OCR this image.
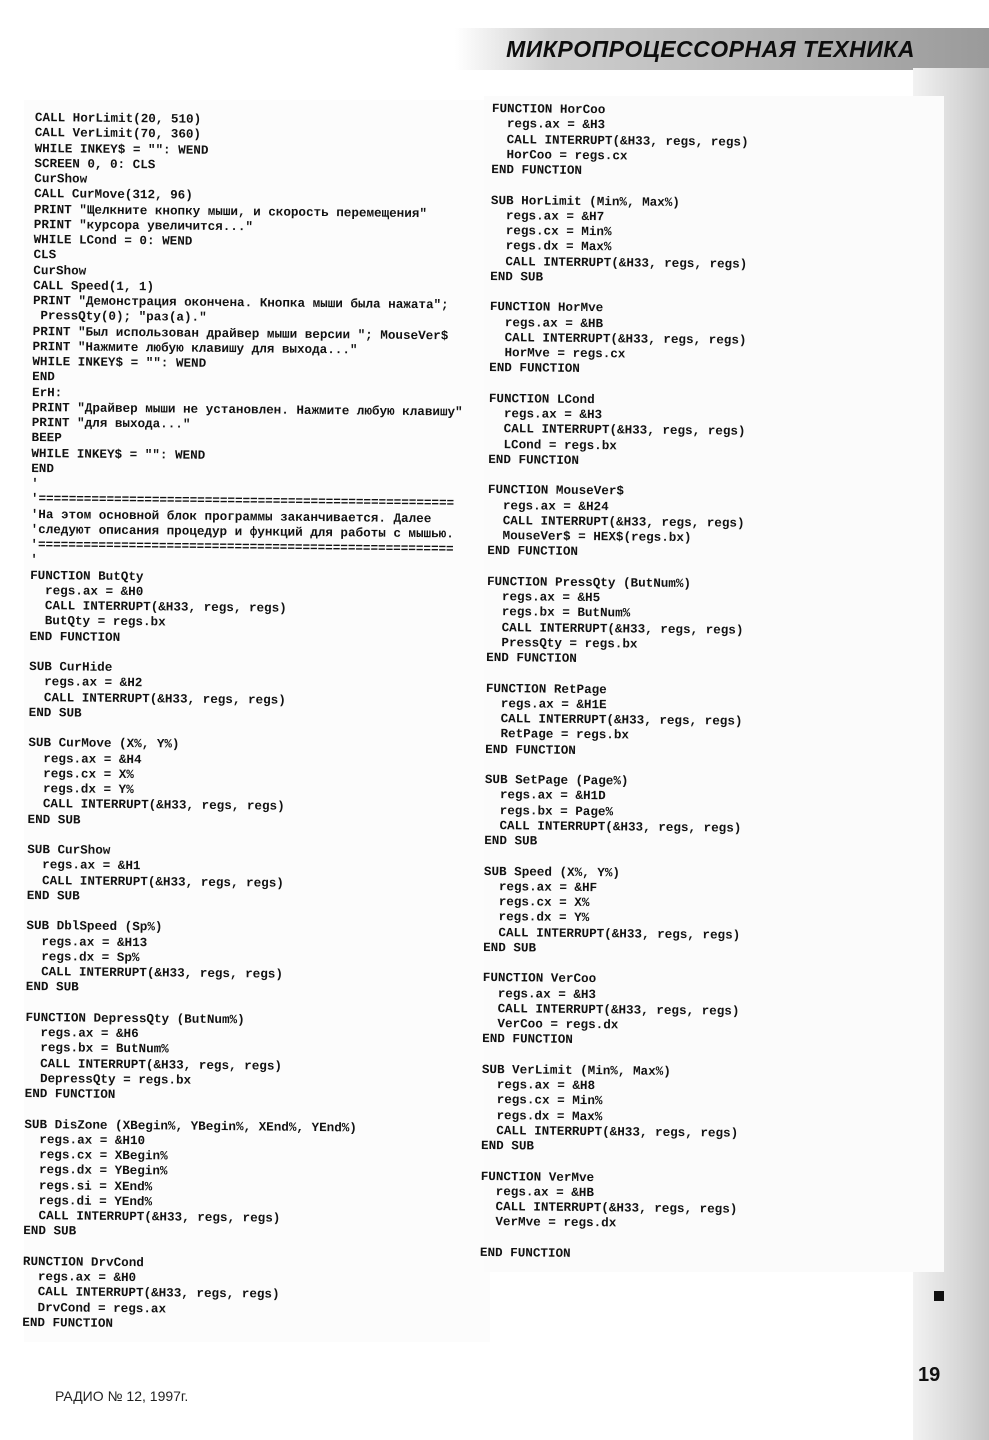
МИКРОПРОЦЕССОРНАЯ ТЕХНИКА
CALL HorLimit(20, 510)
CALL VerLimit(70, 360)
WHILE INKEY$ = "": WEND
SCREEN 0, 0: CLS
CurShow
CALL CurMove(312, 96)
PRINT "Щелкните кнопку мыши, и скорость перемещения"
PRINT "курсора увеличится..."
WHILE LCond = 0: WEND
CLS
CurShow
CALL Speed(1, 1)
PRINT "Демонстрация окончена. Кнопка мыши была нажата";
PressQty(0); "раз(а)."
PRINT "Был использован драйвер мыши версии "; MouseVer$
PRINT "Нажмите любую клавишу для выхода..."
WHILE INKEY$ = "": WEND
END
ErH:
PRINT "Драйвер мыши не установлен. Нажмите любую клавишу"
PRINT "для выхода..."
BEEP
WHILE INKEY$ = "": WEND
END
'
'=======================================================
'На этом основной блок программы заканчивается. Далее
'следуют описания процедур и функций для работы с мышью.
'=======================================================
'
FUNCTION ButQty
regs.ax = &H0
CALL INTERRUPT(&H33, regs, regs)
ButQty = regs.bx
END FUNCTION

SUB CurHide
regs.ax = &H2
CALL INTERRUPT(&H33, regs, regs)
END SUB

SUB CurMove (X%, Y%)
regs.ax = &H4
regs.cx = X%
regs.dx = Y%
CALL INTERRUPT(&H33, regs, regs)
END SUB

SUB CurShow
regs.ax = &H1
CALL INTERRUPT(&H33, regs, regs)
END SUB

SUB DblSpeed (Sp%)
regs.ax = &H13
regs.dx = Sp%
CALL INTERRUPT(&H33, regs, regs)
END SUB

FUNCTION DepressQty (ButNum%)
regs.ax = &H6
regs.bx = ButNum%
CALL INTERRUPT(&H33, regs, regs)
DepressQty = regs.bx
END FUNCTION

SUB DisZone (XBegin%, YBegin%, XEnd%, YEnd%)
regs.ax = &H10
regs.cx = XBegin%
regs.dx = YBegin%
regs.si = XEnd%
regs.di = YEnd%
CALL INTERRUPT(&H33, regs, regs)
END SUB

RUNCTION DrvCond
regs.ax = &H0
CALL INTERRUPT(&H33, regs, regs)
DrvCond = regs.ax
END FUNCTION
FUNCTION HorCoo
regs.ax = &H3
CALL INTERRUPT(&H33, regs, regs)
HorCoo = regs.cx
END FUNCTION

SUB HorLimit (Min%, Max%)
regs.ax = &H7
regs.cx = Min%
regs.dx = Max%
CALL INTERRUPT(&H33, regs, regs)
END SUB

FUNCTION HorMve
regs.ax = &HB
CALL INTERRUPT(&H33, regs, regs)
HorMve = regs.cx
END FUNCTION

FUNCTION LCond
regs.ax = &H3
CALL INTERRUPT(&H33, regs, regs)
LCond = regs.bx
END FUNCTION

FUNCTION MouseVer$
regs.ax = &H24
CALL INTERRUPT(&H33, regs, regs)
MouseVer$ = HEX$(regs.bx)
END FUNCTION

FUNCTION PressQty (ButNum%)
regs.ax = &H5
regs.bx = ButNum%
CALL INTERRUPT(&H33, regs, regs)
PressQty = regs.bx
END FUNCTION

FUNCTION RetPage
regs.ax = &H1E
CALL INTERRUPT(&H33, regs, regs)
RetPage = regs.bx
END FUNCTION

SUB SetPage (Page%)
regs.ax = &H1D
regs.bx = Page%
CALL INTERRUPT(&H33, regs, regs)
END SUB

SUB Speed (X%, Y%)
regs.ax = &HF
regs.cx = X%
regs.dx = Y%
CALL INTERRUPT(&H33, regs, regs)
END SUB

FUNCTION VerCoo
regs.ax = &H3
CALL INTERRUPT(&H33, regs, regs)
VerCoo = regs.dx
END FUNCTION

SUB VerLimit (Min%, Max%)
regs.ax = &H8
regs.cx = Min%
regs.dx = Max%
CALL INTERRUPT(&H33, regs, regs)
END SUB

FUNCTION VerMve
regs.ax = &HB
CALL INTERRUPT(&H33, regs, regs)
VerMve = regs.dx

END FUNCTION
РАДИО № 12, 1997г.
19
